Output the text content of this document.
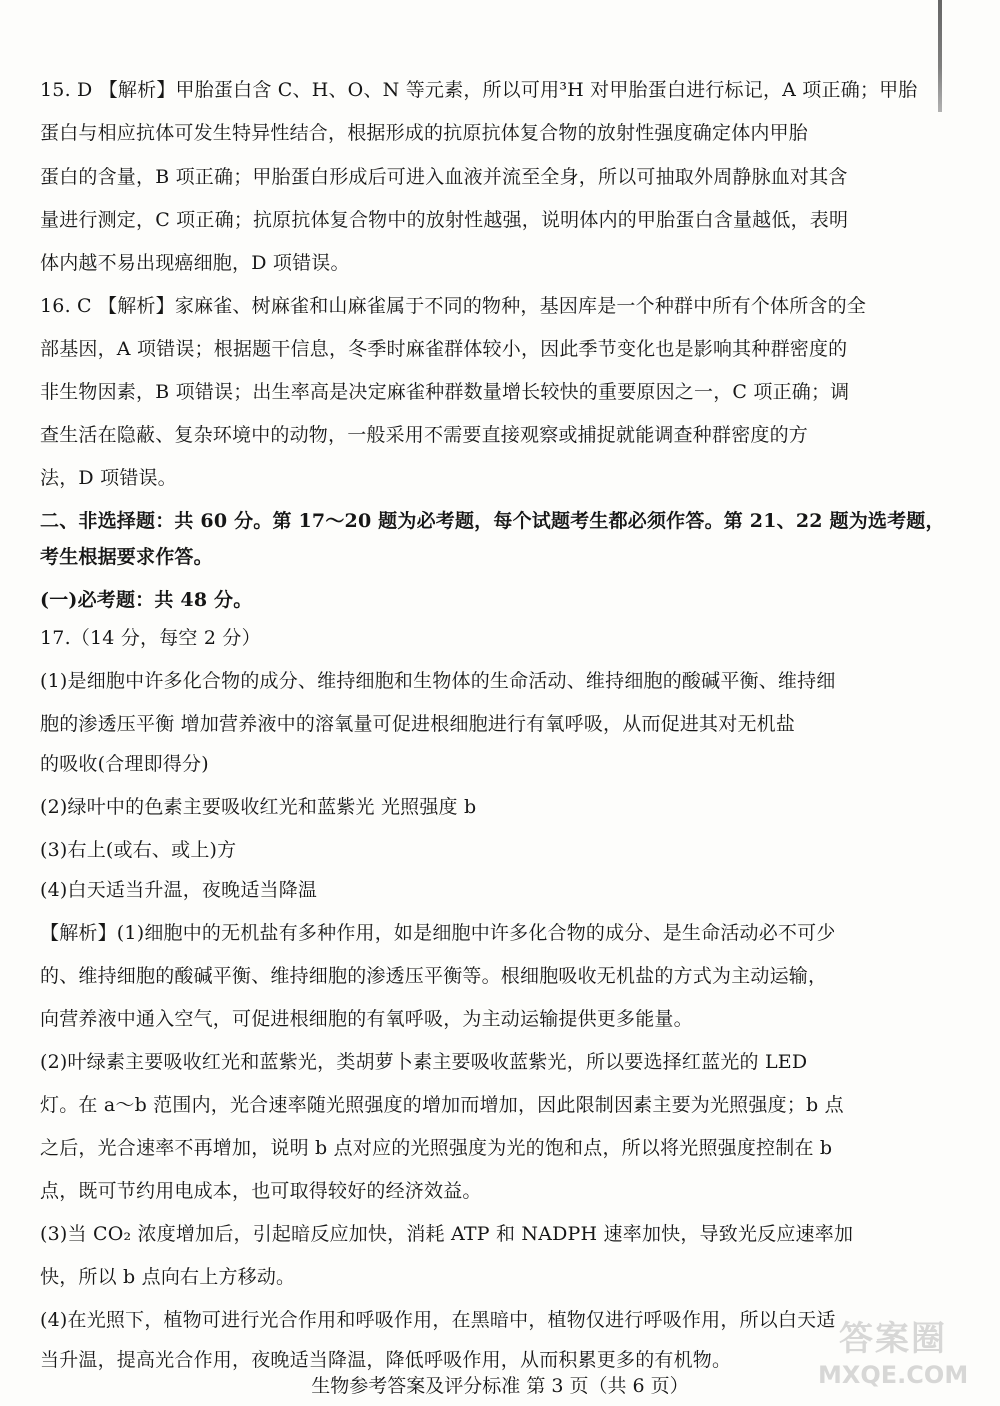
15. D 【解析】甲胎蛋白含 C、H、O、N 等元素，所以可用³H 对甲胎蛋白进行标记，A 项正确；甲胎
蛋白与相应抗体可发生特异性结合，根据形成的抗原抗体复合物的放射性强度确定体内甲胎
蛋白的含量，B 项正确；甲胎蛋白形成后可进入血液并流至全身，所以可抽取外周静脉血对其含
量进行测定，C 项正确；抗原抗体复合物中的放射性越强，说明体内的甲胎蛋白含量越低，表明
体内越不易出现癌细胞，D 项错误。
16. C 【解析】家麻雀、树麻雀和山麻雀属于不同的物种，基因库是一个种群中所有个体所含的全
部基因，A 项错误；根据题干信息，冬季时麻雀群体较小，因此季节变化也是影响其种群密度的
非生物因素，B 项错误；出生率高是决定麻雀种群数量增长较快的重要原因之一，C 项正确；调
查生活在隐蔽、复杂环境中的动物，一般采用不需要直接观察或捕捉就能调查种群密度的方
法，D 项错误。
二、非选择题：共 60 分。第 17～20 题为必考题，每个试题考生都必须作答。第 21、22 题为选考题，
考生根据要求作答。
(一)必考题：共 48 分。
17.（14 分，每空 2 分）
(1)是细胞中许多化合物的成分、维持细胞和生物体的生命活动、维持细胞的酸碱平衡、维持细
胞的渗透压平衡 增加营养液中的溶氧量可促进根细胞进行有氧呼吸，从而促进其对无机盐
的吸收(合理即得分)
(2)绿叶中的色素主要吸收红光和蓝紫光 光照强度 b
(3)右上(或右、或上)方
(4)白天适当升温，夜晚适当降温
【解析】(1)细胞中的无机盐有多种作用，如是细胞中许多化合物的成分、是生命活动必不可少
的、维持细胞的酸碱平衡、维持细胞的渗透压平衡等。根细胞吸收无机盐的方式为主动运输，
向营养液中通入空气，可促进根细胞的有氧呼吸，为主动运输提供更多能量。
(2)叶绿素主要吸收红光和蓝紫光，类胡萝卜素主要吸收蓝紫光，所以要选择红蓝光的 LED
灯。在 a～b 范围内，光合速率随光照强度的增加而增加，因此限制因素主要为光照强度；b 点
之后，光合速率不再增加，说明 b 点对应的光照强度为光的饱和点，所以将光照强度控制在 b
点，既可节约用电成本，也可取得较好的经济效益。
(3)当 CO₂ 浓度增加后，引起暗反应加快，消耗 ATP 和 NADPH 速率加快，导致光反应速率加
快，所以 b 点向右上方移动。
(4)在光照下，植物可进行光合作用和呼吸作用，在黑暗中，植物仅进行呼吸作用，所以白天适
当升温，提高光合作用，夜晚适当降温，降低呼吸作用，从而积累更多的有机物。
生物参考答案及评分标准 第 3 页（共 6 页）
答案圈
MXQE.COM
